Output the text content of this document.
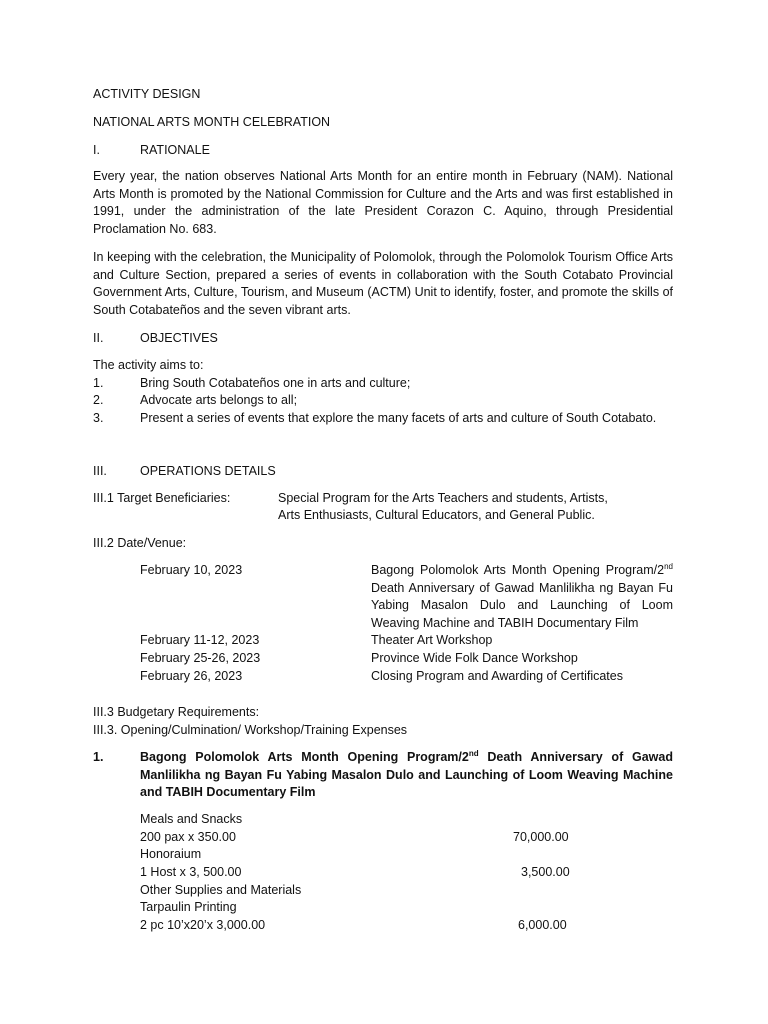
ACTIVITY DESIGN
NATIONAL ARTS MONTH CELEBRATION
I.	RATIONALE
Every year, the nation observes National Arts Month for an entire month in February (NAM). National Arts Month is promoted by the National Commission for Culture and the Arts and was first established in 1991, under the administration of the late President Corazon C. Aquino, through Presidential Proclamation No. 683.
In keeping with the celebration, the Municipality of Polomolok, through the Polomolok Tourism Office Arts and Culture Section, prepared a series of events in collaboration with the South Cotabato Provincial Government Arts, Culture, Tourism, and Museum (ACTM) Unit to identify, foster, and promote the skills of South Cotabateños and the seven vibrant arts.
II.	OBJECTIVES
The activity aims to:
1.	Bring South Cotabateños one in arts and culture;
2.	Advocate arts belongs to all;
3.	Present a series of events that explore the many facets of arts and culture of South Cotabato.
III.	OPERATIONS DETAILS
III.1 Target Beneficiaries:	Special Program for the Arts Teachers and students, Artists,
Arts Enthusiasts, Cultural Educators, and General Public.
III.2 Date/Venue:
February 10, 2023	Bagong Polomolok Arts Month Opening Program/2nd Death Anniversary of Gawad Manlilikha ng Bayan Fu Yabing Masalon Dulo and Launching of Loom Weaving Machine and TABIH Documentary Film
February 11-12, 2023	Theater Art Workshop
February 25-26, 2023	Province Wide Folk Dance Workshop
February 26, 2023	Closing Program and Awarding of Certificates
III.3 Budgetary Requirements:
III.3. Opening/Culmination/ Workshop/Training Expenses
1.	Bagong Polomolok Arts Month Opening Program/2nd Death Anniversary of Gawad Manlilikha ng Bayan Fu Yabing Masalon Dulo and Launching of Loom Weaving Machine and TABIH Documentary Film
Meals and Snacks
200 pax x 350.00	70,000.00
Honoraium
1 Host x 3, 500.00	3,500.00
Other Supplies and Materials
Tarpaulin Printing
2 pc 10’x20’x 3,000.00	6,000.00
